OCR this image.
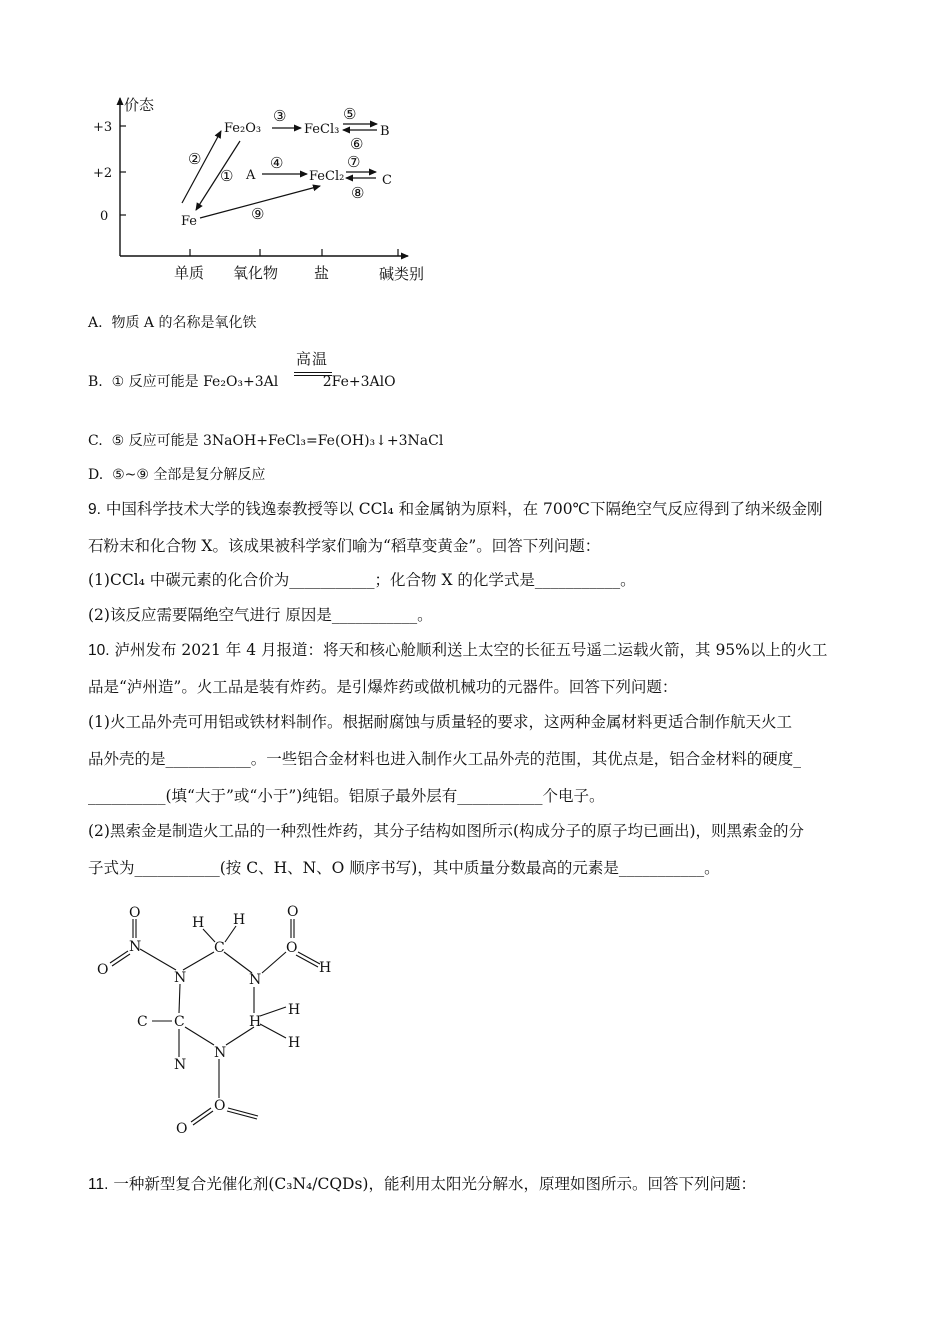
价态
+3
+2
0
单质 氧化物 盐	碱 类别
Fe₂O₃	FeCl₃	B
A	FeCl₂	C
Fe
①
②
③
④
⑤
⑥
⑦
⑧
⑨
A. 物质 A 的名称是氧化铁
高温
B. ① 反应可能是 Fe₂O₃+3Al	2Fe+3AlO
C. ⑤ 反应可能是 3NaOH+FeCl₃=Fe(OH)₃↓+3NaCl
D. ⑤~⑨ 全部是复分解反应
9. 中国科学技术大学的钱逸泰教授等以 CCl₄ 和金属钠为原料，在 700℃下隔绝空气反应得到了纳米级金刚
石粉末和化合物 X。该成果被科学家们喻为“稻草变黄金”。回答下列问题：
(1)CCl₄ 中碳元素的化合价为___________；化合物 X 的化学式是___________。
(2)该反应需要隔绝空气进行 原因是___________。
10. 泸州发布 2021 年 4 月报道：将天和核心舱顺利送上太空的长征五号遥二运载火箭，其 95%以上的火工
品是“泸州造”。火工品是装有炸药。是引爆炸药或做机械功的元器件。回答下列问题：
(1)火工品外壳可用铝或铁材料制作。根据耐腐蚀与质量轻的要求，这两种金属材料更适合制作航天火工
品外壳的是___________。一些铝合金材料也进入制作火工品外壳的范围，其优点是，铝合金材料的硬度_
__________(填“大于”或“小于”)纯铝。铝原子最外层有___________个电子。
(2)黑索金是制造火工品的一种烈性炸药，其分子结构如图所示(构成分子的原子均已画出)，则黑索金的分
子式为___________(按 C、H、N、O 顺序书写)，其中质量分数最高的元素是___________。
O
N
O	N
H H
C
N
O
O
H
C C	H
H
H
N
N
O
O
11. 一种新型复合光催化剂(C₃N₄/CQDs)，能利用太阳光分解水，原理如图所示。回答下列问题：
